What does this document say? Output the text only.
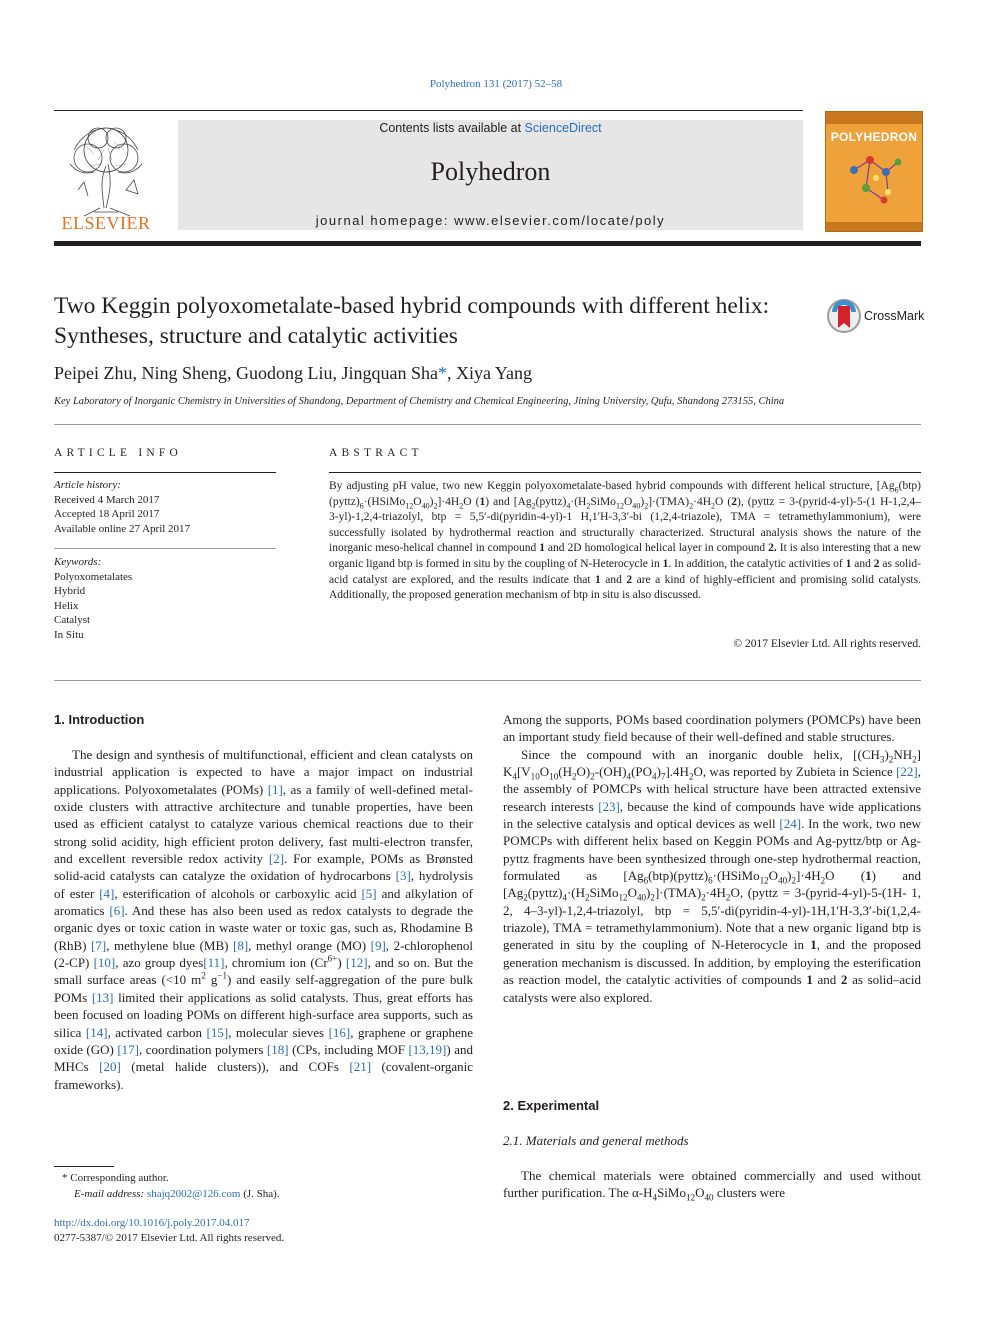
Polyhedron 131 (2017) 52–58
ELSEVIER
Contents lists available at ScienceDirect
Polyhedron
journal homepage: www.elsevier.com/locate/poly
POLYHEDRON
Two Keggin polyoxometalate-based hybrid compounds with different helix: Syntheses, structure and catalytic activities
CrossMark
Peipei Zhu, Ning Sheng, Guodong Liu, Jingquan Sha*, Xiya Yang
Key Laboratory of Inorganic Chemistry in Universities of Shandong, Department of Chemistry and Chemical Engineering, Jining University, Qufu, Shandong 273155, China
ARTICLE INFO	ABSTRACT
Article history:
Received 4 March 2017
Accepted 18 April 2017
Available online 27 April 2017
Keywords:
Polyoxometalates
Hybrid
Helix
Catalyst
In Situ
By adjusting pH value, two new Keggin polyoxometalate-based hybrid compounds with different helical structure, $[Ag_6(btp)(pyttz)_6\cdot(HSiMo_{12}O_{40})_2]\cdot 4H_2O$ (1) and $[Ag_2(pyttz)_4\cdot(H_2SiMo_{12}O_{40})_2]\cdot(TMA)_2\cdot 4H_2O$ (2), (pyttz = 3-(pyrid-4-yl)-5-(1 H-1,2,4–3-yl)-1,2,4-triazolyl, btp = 5,5′-di(pyridin-4-yl)-1 H,1′H-3,3′-bi (1,2,4-triazole), TMA = tetramethylammonium), were successfully isolated by hydrothermal reaction and structurally characterized. Structural analysis shows the nature of the inorganic meso-helical channel in compound 1 and 2D homological helical layer in compound 2. It is also interesting that a new organic ligand btp is formed in situ by the coupling of N-Heterocycle in 1. In addition, the catalytic activities of 1 and 2 as solid-acid catalyst are explored, and the results indicate that 1 and 2 are a kind of highly-efficient and promising solid catalysts. Additionally, the proposed generation mechanism of btp in situ is also discussed.
© 2017 Elsevier Ltd. All rights reserved.
1. Introduction

The design and synthesis of multifunctional, efficient and clean catalysts on industrial application is expected to have a major impact on industrial applications. Polyoxometalates (POMs) [1], as a family of well-defined metal-oxide clusters with attractive architecture and tunable properties, have been used as efficient catalyst to catalyze various chemical reactions due to their strong solid acidity, high efficient proton delivery, fast multi-electron transfer, and excellent reversible redox activity [2]. For example, POMs as Brønsted solid-acid catalysts can catalyze the oxidation of hydrocarbons [3], hydrolysis of ester [4], esterification of alcohols or carboxylic acid [5] and alkylation of aromatics [6]. And these has also been used as redox catalysts to degrade the organic dyes or toxic cation in waste water or toxic gas, such as, Rhodamine B (RhB) [7], methylene blue (MB) [8], methyl orange (MO) [9], 2-chlorophenol (2-CP) [10], azo group dyes[11], chromium ion $(Cr^{6+})$ [12], and so on. But the small surface areas (<10 $m^2$ $g^{-1}$) and easily self-aggregation of the pure bulk POMs [13] limited their applications as solid catalysts. Thus, great efforts has been focused on loading POMs on different high-surface area supports, such as silica [14], activated carbon [15], molecular sieves [16], graphene or graphene oxide (GO) [17], coordination polymers [18] (CPs, including MOF [13,19]) and MHCs [20] (metal halide clusters)), and COFs [21] (covalent-organic frameworks).

Among the supports, POMs based coordination polymers (POMCPs) have been an important study field because of their well-defined and stable structures.

Since the compound with an inorganic double helix, $[(CH_3)_2NH_2]$ $K_4[V_{10}O_{10}(H_2O)_2-(OH)_4(PO_4)_7].4H_2O$, was reported by Zubieta in Science [22], the assembly of POMCPs with helical structure have been attracted extensive research interests [23], because the kind of compounds have wide applications in the selective catalysis and optical devices as well [24]. In the work, two new POMCPs with different helix based on Keggin POMs and Ag-pyttz/btp or Ag-pyttz fragments have been synthesized through one-step hydrothermal reaction, formulated as $[Ag_6(btp)(pyttz)_6\cdot(HSiMo_{12}O_{40})_2]\cdot 4H_2O$ (1) and $[Ag_2(pyttz)_4\cdot(H_2SiMo_{12}O_{40})_2]\cdot(TMA)_2\cdot 4H_2O$, (pyttz = 3-(pyrid-4-yl)-5-(1H- 1, 2, 4–3-yl)-1,2,4-triazolyl, btp = 5,5′-di(pyridin-4-yl)-1H,1′H-3,3′-bi(1,2,4-triazole), TMA = tetramethylammonium). Note that a new organic ligand btp is generated in situ by the coupling of N-Heterocycle in 1, and the proposed generation mechanism is discussed. In addition, by employing the esterification as reaction model, the catalytic activities of compounds 1 and 2 as solid–acid catalysts were also explored.

2. Experimental
2.1. Materials and general methods

The chemical materials were obtained commercially and used without further purification. The $\alpha-H_4SiMo_{12}O_{40}$ clusters were

* Corresponding author.
E-mail address: shajq2002@126.com (J. Sha).
http://dx.doi.org/10.1016/j.poly.2017.04.017
0277-5387/© 2017 Elsevier Ltd. All rights reserved.
